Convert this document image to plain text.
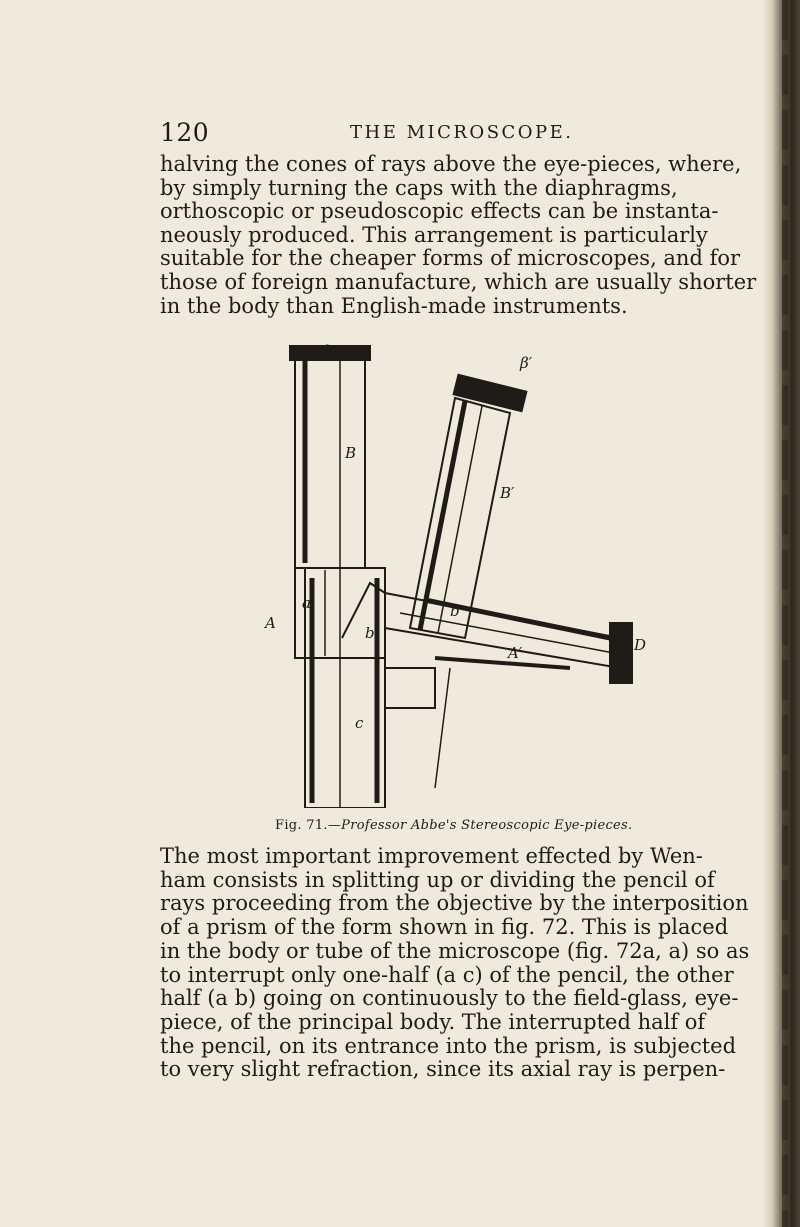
120	THE MICROSCOPE.
halving the cones of rays above the eye-pieces, where,
by simply turning the caps with the diaphragms,
orthoscopic or pseudoscopic effects can be instanta-
neously produced. This arrangement is particularly
suitable for the cheaper forms of microscopes, and for
those of foreign manufacture, which are usually shorter
in the body than English-made instruments.
β
β′
B
B′
a
b
b′
A
A′
c
D
Fig. 71.—Professor Abbe's Stereoscopic Eye-pieces.
The most important improvement effected by Wen-
ham consists in splitting up or dividing the pencil of
rays proceeding from the objective by the interposition
of a prism of the form shown in fig. 72. This is placed
in the body or tube of the microscope (fig. 72a, a) so as
to interrupt only one-half (a c) of the pencil, the other
half (a b) going on continuously to the field-glass, eye-
piece, of the principal body. The interrupted half of
the pencil, on its entrance into the prism, is subjected
to very slight refraction, since its axial ray is perpen-
